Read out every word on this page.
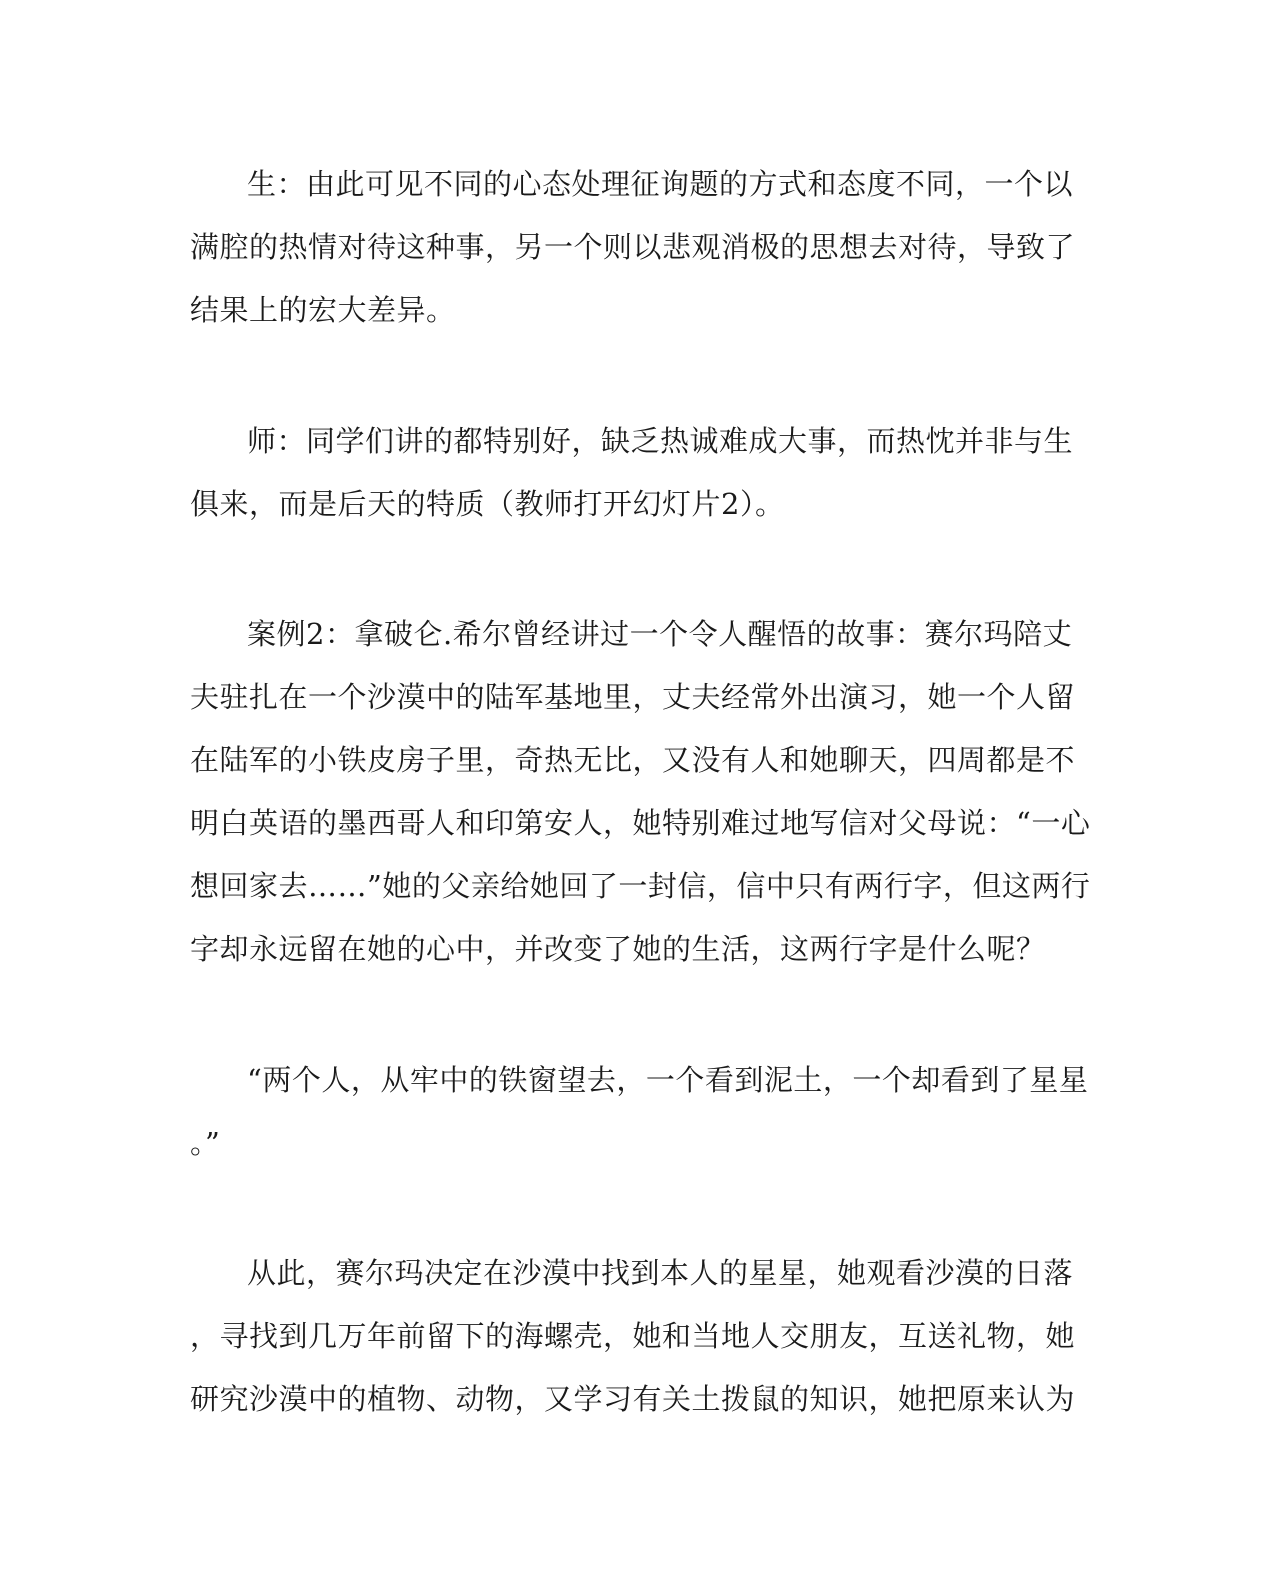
生：由此可见不同的心态处理征询题的方式和态度不同，一个以
满腔的热情对待这种事，另一个则以悲观消极的思想去对待，导致了
结果上的宏大差异。
师：同学们讲的都特别好，缺乏热诚难成大事，而热忱并非与生
俱来，而是后天的特质（教师打开幻灯片2）。
案例2：拿破仑.希尔曾经讲过一个令人醒悟的故事：赛尔玛陪丈
夫驻扎在一个沙漠中的陆军基地里，丈夫经常外出演习，她一个人留
在陆军的小铁皮房子里，奇热无比，又没有人和她聊天，四周都是不
明白英语的墨西哥人和印第安人，她特别难过地写信对父母说：“一心
想回家去……”她的父亲给她回了一封信，信中只有两行字，但这两行
字却永远留在她的心中，并改变了她的生活，这两行字是什么呢？
“两个人，从牢中的铁窗望去，一个看到泥土，一个却看到了星星
。”
从此，赛尔玛决定在沙漠中找到本人的星星，她观看沙漠的日落
，寻找到几万年前留下的海螺壳，她和当地人交朋友，互送礼物，她
研究沙漠中的植物、动物，又学习有关土拨鼠的知识，她把原来认为
